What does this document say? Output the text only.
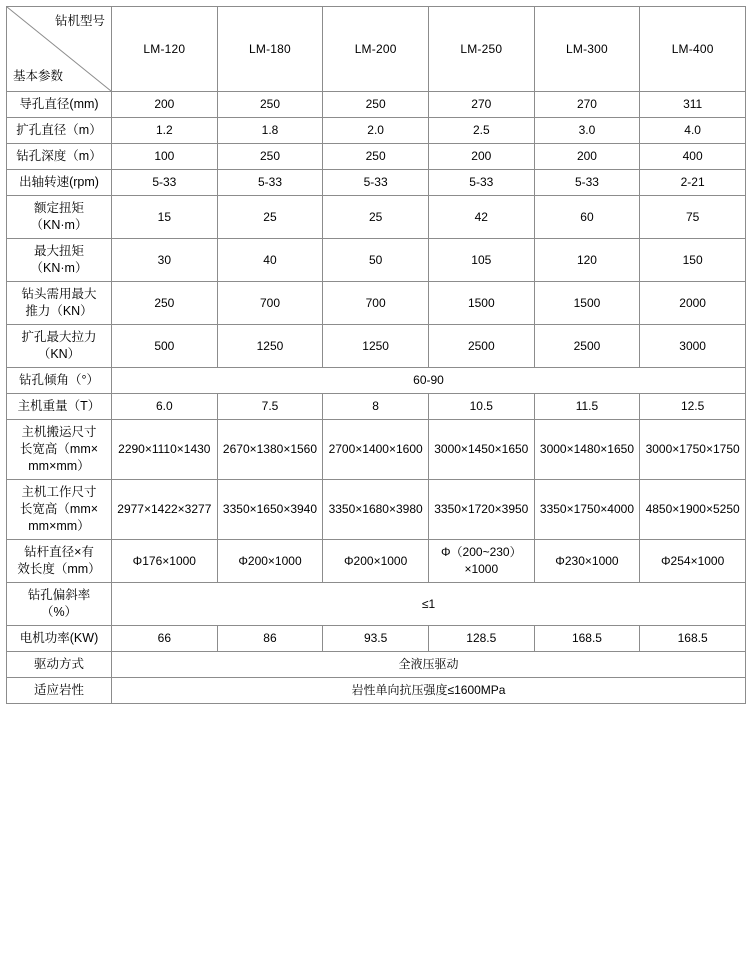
钻机型号
基本参数	LM-120	LM-180	LM-200	LM-250	LM-300	LM-400

导孔直径(mm)	200	250	250	270	270	311

扩孔直径（m）	1.2	1.8	2.0	2.5	3.0	4.0

钻孔深度（m）	100	250	250	200	200	400

出轴转速(rpm)	5-33	5-33	5-33	5-33	5-33	2-21

额定扭矩
（KN·m）	15	25	25	42	60	75

最大扭矩
（KN·m）	30	40	50	105	120	150

钻头需用最大
推力（KN）	250	700	700	1500	1500	2000

扩孔最大拉力
（KN）	500	1250	1250	2500	2500	3000

钻孔倾角（°）	60-90					

主机重量（T）	6.0	7.5	8	10.5	11.5	12.5

主机搬运尺寸
长宽高（mm×
mm×mm）	2290×1110×1430	2670×1380×1560	2700×1400×1600	3000×1450×1650	3000×1480×1650	3000×1750×1750

主机工作尺寸
长宽高（mm×
mm×mm）	2977×1422×3277	3350×1650×3940	3350×1680×3980	3350×1720×3950	3350×1750×4000	4850×1900×5250

钻杆直径×有
效长度（mm）	Φ176×1000	Φ200×1000	Φ200×1000	Φ（200~230）×1000	Φ230×1000	Φ254×1000

钻孔偏斜率
（%）	≤1					

电机功率(KW)	66	86	93.5	128.5	168.5	168.5

驱动方式	全液压驱动					

适应岩性	岩性单向抗压强度≤1600MPa					
